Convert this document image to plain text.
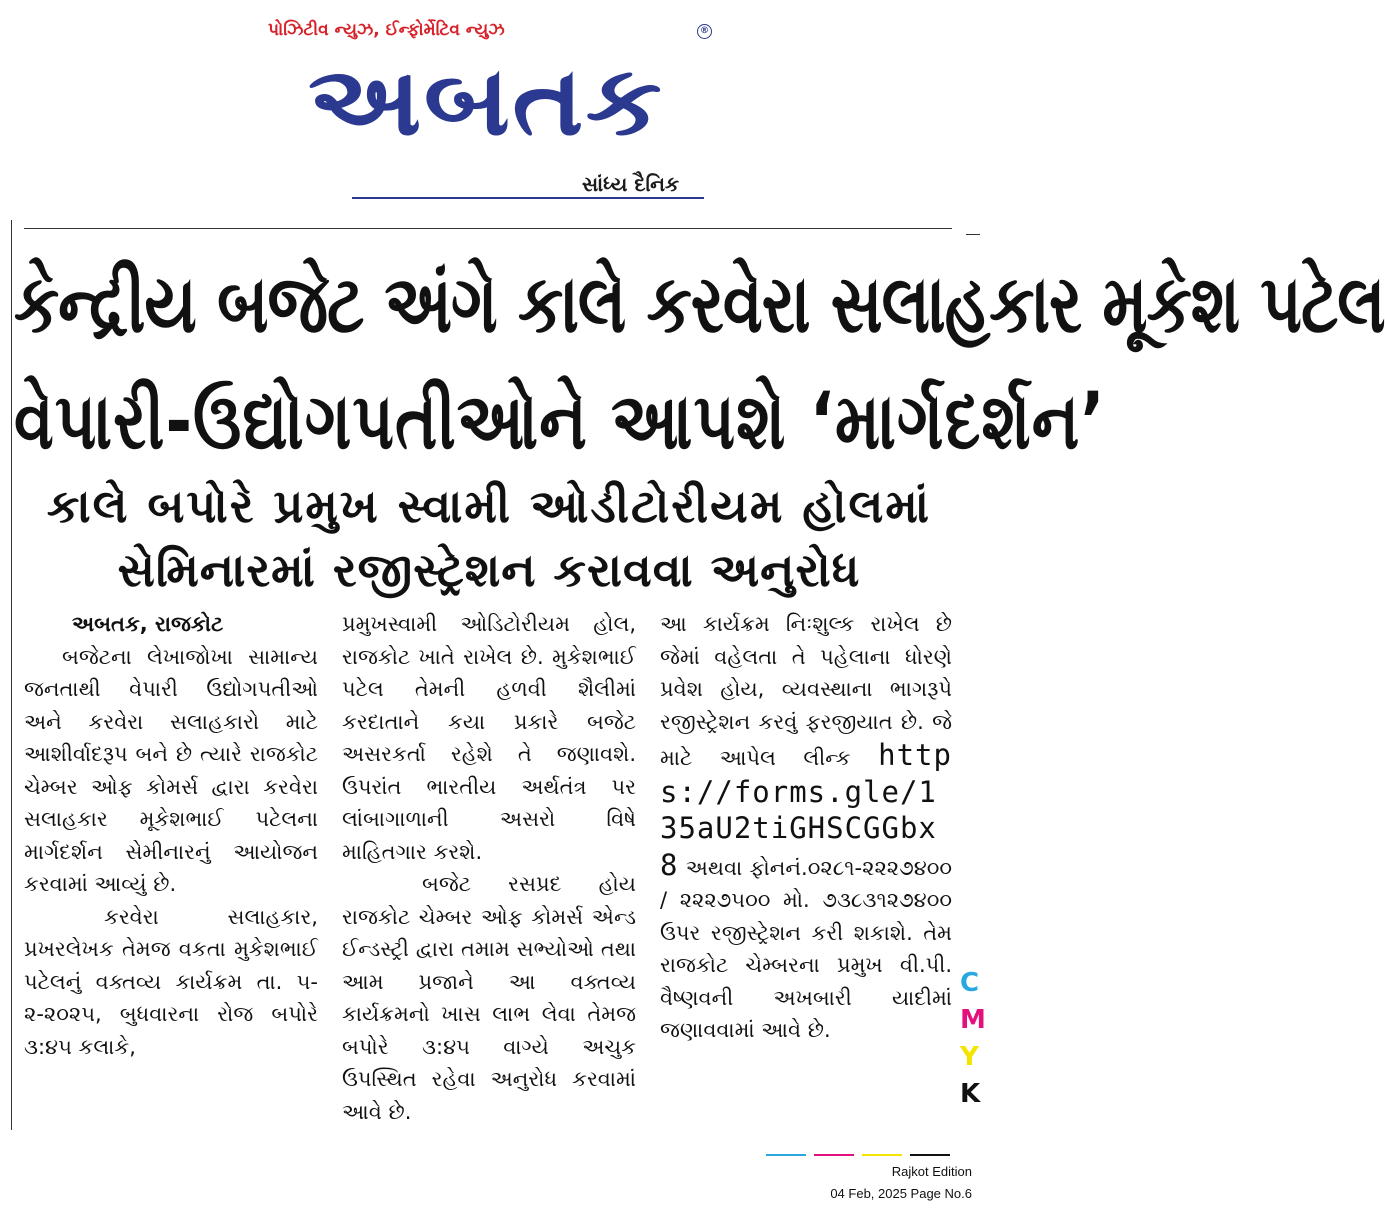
પોઝિટીવ ન્યુઝ, ઈન્ફોર્મેટિવ ન્યુઝ	®
અબતક
સાંધ્ય દૈનિક
કેન્દ્રીય બજેટ અંગે કાલે કરવેરા સલાહકાર મૂકેશ પટેલ
વેપારી-ઉદ્યોગપતીઓને આપશે ‘માર્ગદર્શન’
કાલે બપોરે પ્રમુખ સ્વામી ઓડીટોરીયમ હોલમાં
સેમિનારમાં રજીસ્ટ્રેશન કરાવવા અનુરોધ
અબતક, રાજકોટ

બજેટના લેખાજોખા સામાન્ય જનતાથી વેપારી ઉદ્યોગપતીઓ અને કરવેરા સલાહકારો માટે આશીર્વાદરૂપ બને છે ત્યારે રાજકોટ ચેમ્બર ઓફ કોમર્સ દ્વારા કરવેરા સલાહકાર મૂકેશભાઈ પટેલના માર્ગદર્શન સેમીનારનું આયોજન કરવામાં આવ્યું છે.

કરવેરા સલાહકાર, પ્રખરલેખક તેમજ વકતા મુકેશભાઈ પટેલનું વક્તવ્ય કાર્યક્રમ તા. ૫- ૨-૨૦૨૫, બુધવારના રોજ બપોરે ૩:૪૫ કલાકે,

પ્રમુખસ્વામી ઓડિટોરીયમ હોલ, રાજકોટ ખાતે રાખેલ છે. મુકેશભાઈ પટેલ તેમની હળવી શૈલીમાં કરદાતાને કયા પ્રકારે બજેટ અસરકર્તા રહેશે તે જણાવશે. ઉપરાંત ભારતીય અર્થતંત્ર પર લાંબાગાળાની અસરો વિષે માહિતગાર કરશે.

બજેટ રસપ્રદ હોય રાજકોટ ચેમ્બર ઓફ કોમર્સ એન્ડ ઈન્ડસ્ટ્રી દ્વારા તમામ સભ્યોઓ તથા આમ પ્રજાને આ વક્તવ્ય કાર્યક્રમનો ખાસ લાભ લેવા તેમજ બપોરે ૩:૪૫ વાગ્યે અચુક ઉપસ્થિત રહેવા અનુરોધ કરવામાં આવે છે.

આ કાર્યક્રમ નિઃશુલ્ક રાખેલ છે જેમાં વહેલતા તે પહેલાના ધોરણે પ્રવેશ હોય, વ્યવસ્થાના ભાગરૂપે રજીસ્ટ્રેશન કરવું ફરજીયાત છે. જે માટે આપેલ લીન્ક https://forms.gle/135aU2tiGHSCGGbx8 અથવા ફોનનં.૦૨૮૧-૨૨૨૭૪૦૦ / ૨૨૨૭૫૦૦ મો. ૭૩૮૩૧૨૭૪૦૦ ઉપર રજીસ્ટ્રેશન કરી શકાશે. તેમ રાજકોટ ચેમ્બરના પ્રમુખ વી.પી. વૈષ્ણવની અખબારી યાદીમાં જણાવવામાં આવે છે.

C
M
Y
K
Rajkot Edition
04 Feb, 2025 Page No.6
